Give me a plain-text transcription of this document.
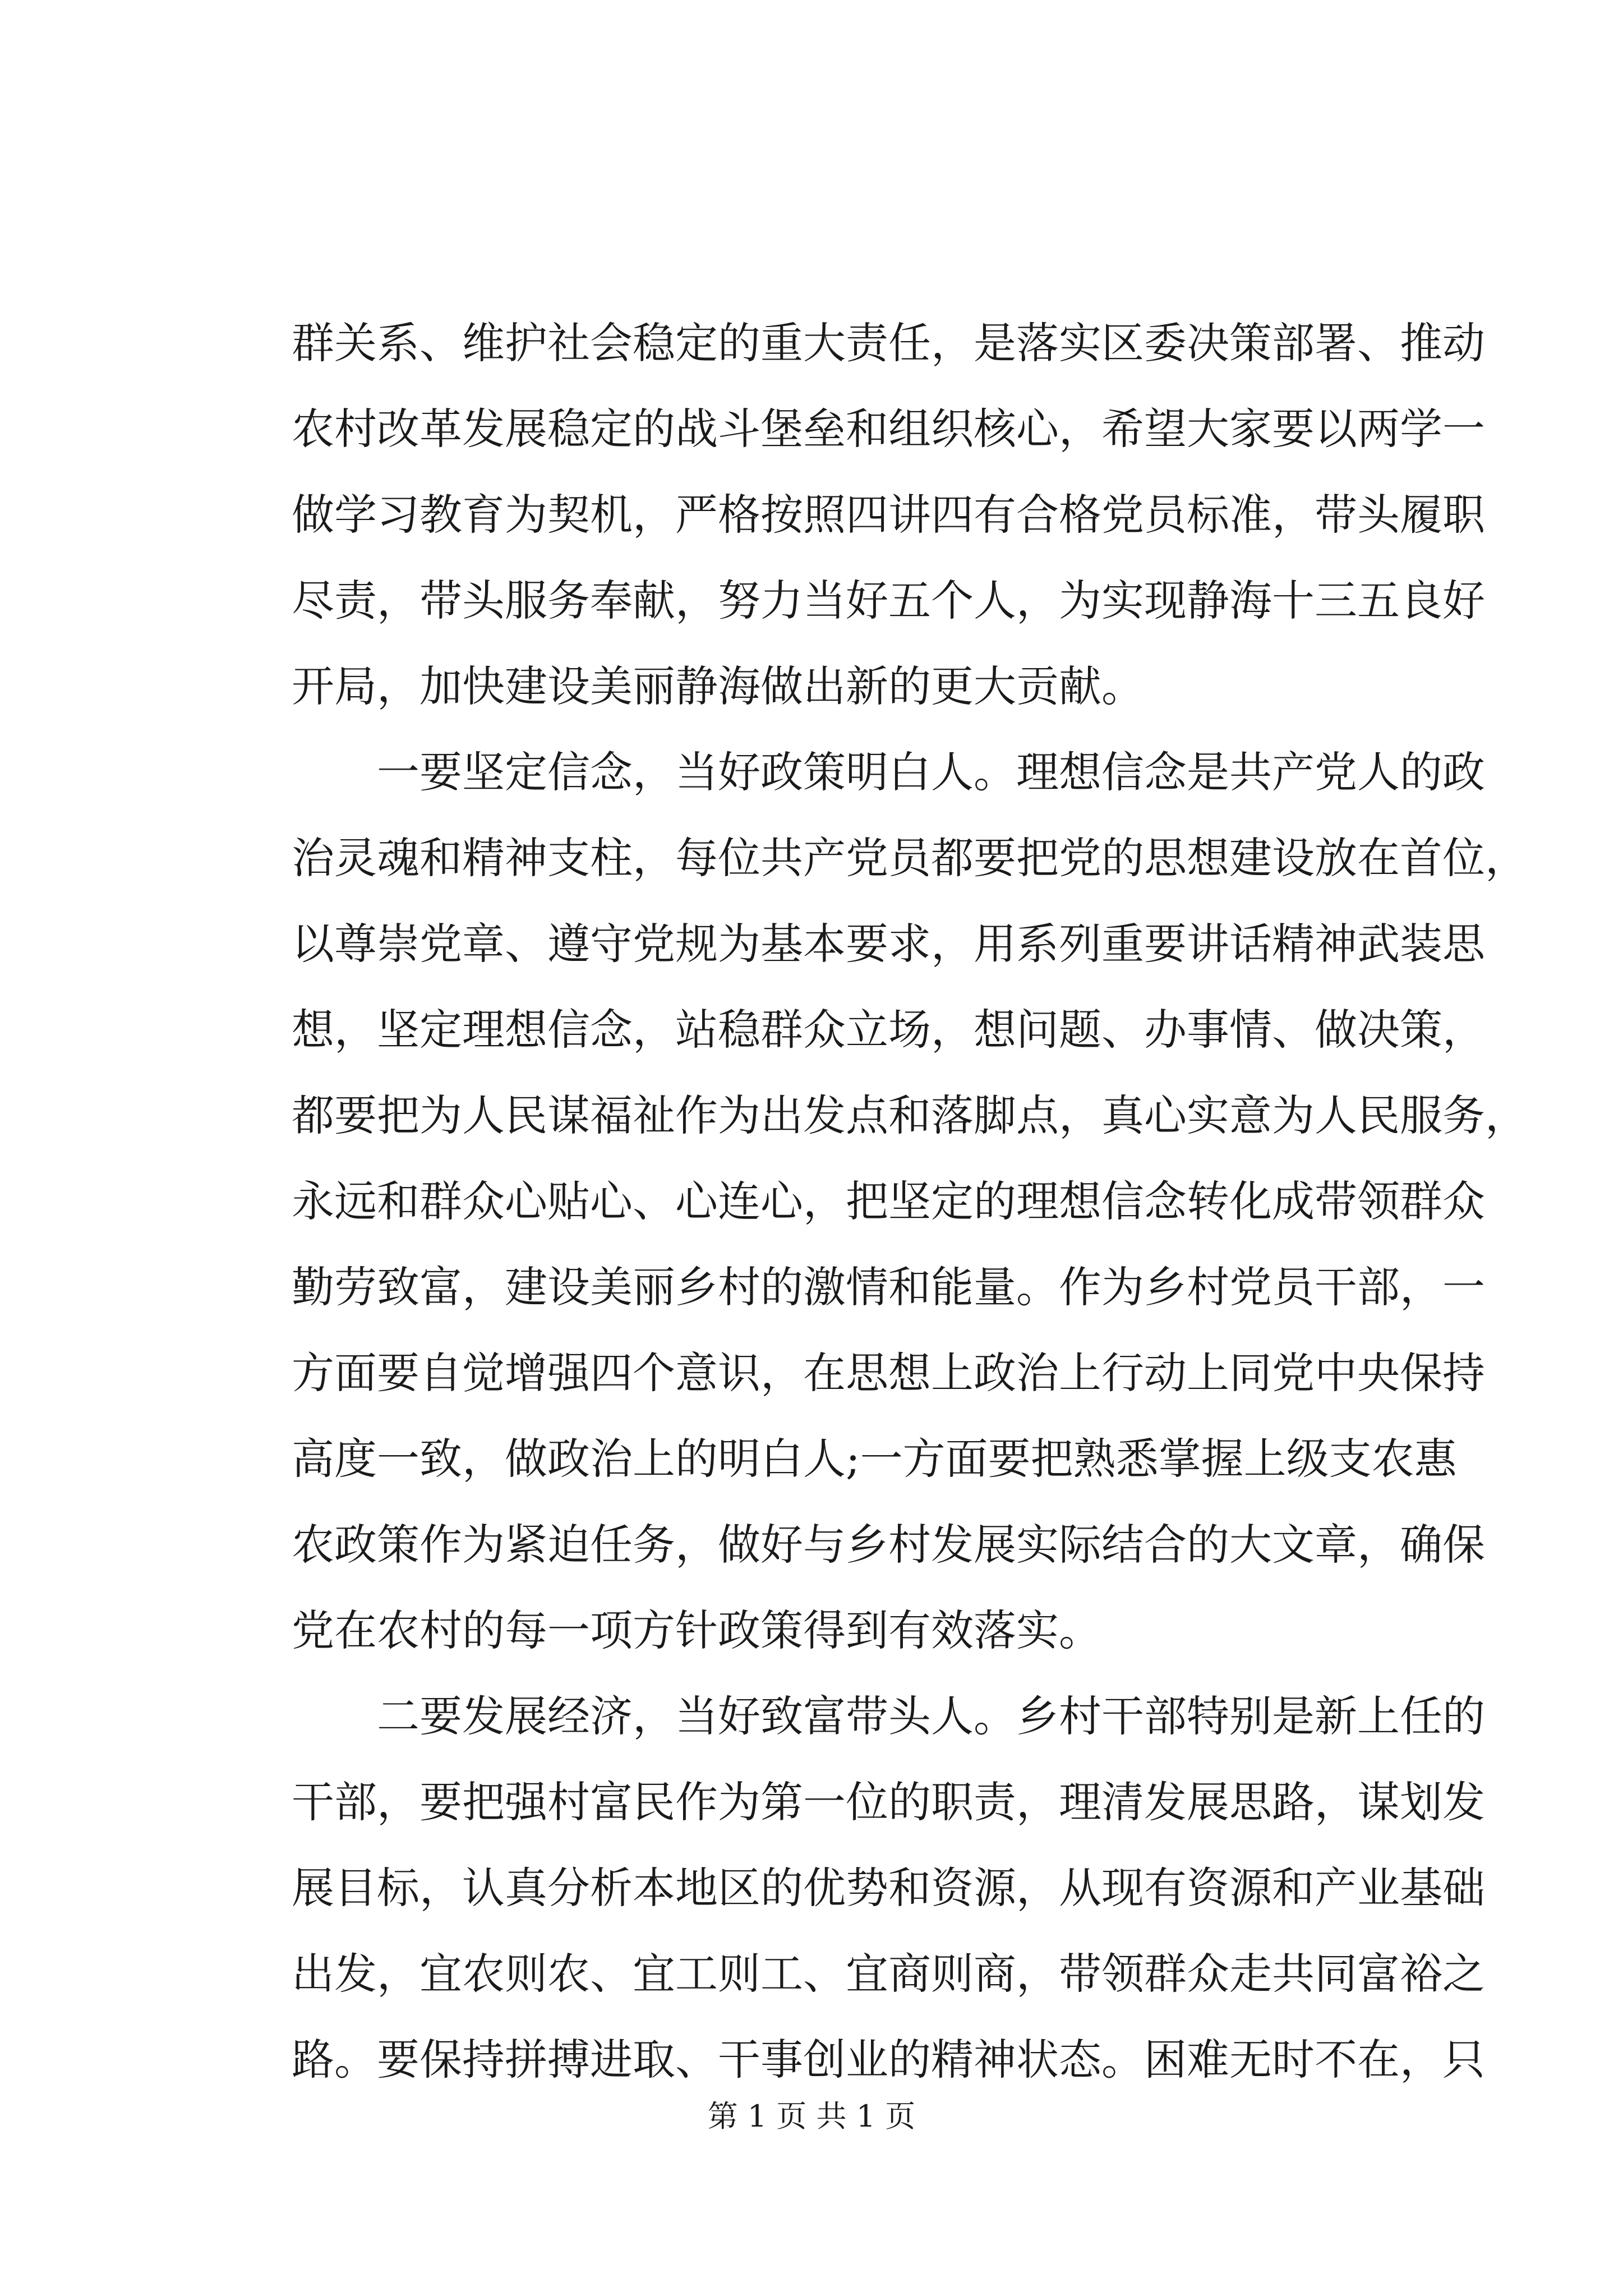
群关系、维护社会稳定的重大责任，是落实区委决策部署、推动
农村改革发展稳定的战斗堡垒和组织核心，希望大家要以两学一
做学习教育为契机，严格按照四讲四有合格党员标准，带头履职
尽责，带头服务奉献，努力当好五个人，为实现静海十三五良好
开局，加快建设美丽静海做出新的更大贡献。
一要坚定信念，当好政策明白人。理想信念是共产党人的政
治灵魂和精神支柱，每位共产党员都要把党的思想建设放在首位，
以尊崇党章、遵守党规为基本要求，用系列重要讲话精神武装思
想，坚定理想信念，站稳群众立场，想问题、办事情、做决策，
都要把为人民谋福祉作为出发点和落脚点，真心实意为人民服务，
永远和群众心贴心、心连心，把坚定的理想信念转化成带领群众
勤劳致富，建设美丽乡村的激情和能量。作为乡村党员干部，一
方面要自觉增强四个意识，在思想上政治上行动上同党中央保持
高度一致，做政治上的明白人;一方面要把熟悉掌握上级支农惠
农政策作为紧迫任务，做好与乡村发展实际结合的大文章，确保
党在农村的每一项方针政策得到有效落实。
二要发展经济，当好致富带头人。乡村干部特别是新上任的
干部，要把强村富民作为第一位的职责，理清发展思路，谋划发
展目标，认真分析本地区的优势和资源，从现有资源和产业基础
出发，宜农则农、宜工则工、宜商则商，带领群众走共同富裕之
路。要保持拼搏进取、干事创业的精神状态。困难无时不在，只
第 1 页 共 1 页
